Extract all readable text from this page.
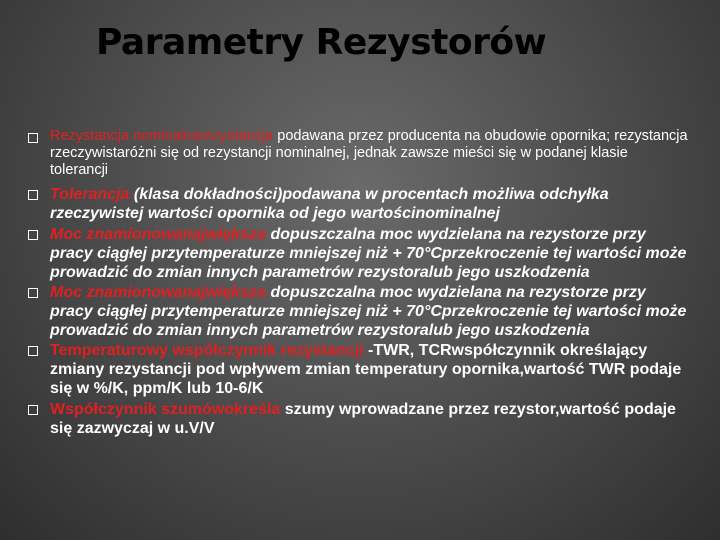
Parametry Rezystorów
Rezystancja nominalnarezystancja podawana przez producenta na obudowie opornika; rezystancja rzeczywistaróżni się od rezystancji nominalnej, jednak zawsze mieści się w podanej klasie tolerancji
Tolerancja (klasa dokładności)podawana w procentach możliwa odchyłka rzeczywistej wartości opornika od jego wartościnominalnej
Moc znamionowanajwiększa dopuszczalna moc wydzielana na rezystorze przy pracy ciągłej przytemperaturze mniejszej niż + 70°Cprzekroczenie tej wartości może prowadzić do zmian innych parametrów rezystoralub jego uszkodzenia
Moc znamionowanajwiększa dopuszczalna moc wydzielana na rezystorze przy pracy ciągłej przytemperaturze mniejszej niż + 70°Cprzekroczenie tej wartości może prowadzić do zmian innych parametrów rezystoralub jego uszkodzenia
Temperaturowy współczynnik rezystancji -TWR, TCRwspółczynnik określający zmiany rezystancji pod wpływem zmian temperatury opornika,wartość TWR podaje się w %/K, ppm/K lub 10-6/K
Współczynnik szumówokreśla szumy wprowadzane przez rezystor,wartość podaje się zazwyczaj w u.V/V
